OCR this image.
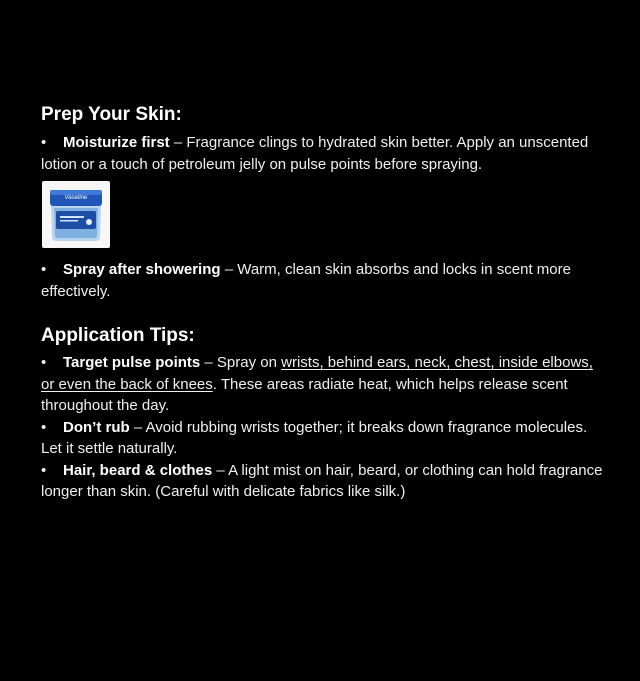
Prep Your Skin:

• Moisturize first – Fragrance clings to hydrated skin better. Apply an unscented lotion or a touch of petroleum jelly on pulse points before spraying.

Vaseline

• Spray after showering – Warm, clean skin absorbs and locks in scent more effectively.

Application Tips:

• Target pulse points – Spray on wrists, behind ears, neck, chest, inside elbows, or even the back of knees. These areas radiate heat, which helps release scent throughout the day.

• Don’t rub – Avoid rubbing wrists together; it breaks down fragrance molecules. Let it settle naturally.

• Hair, beard & clothes – A light mist on hair, beard, or clothing can hold fragrance longer than skin. (Careful with delicate fabrics like silk.)
